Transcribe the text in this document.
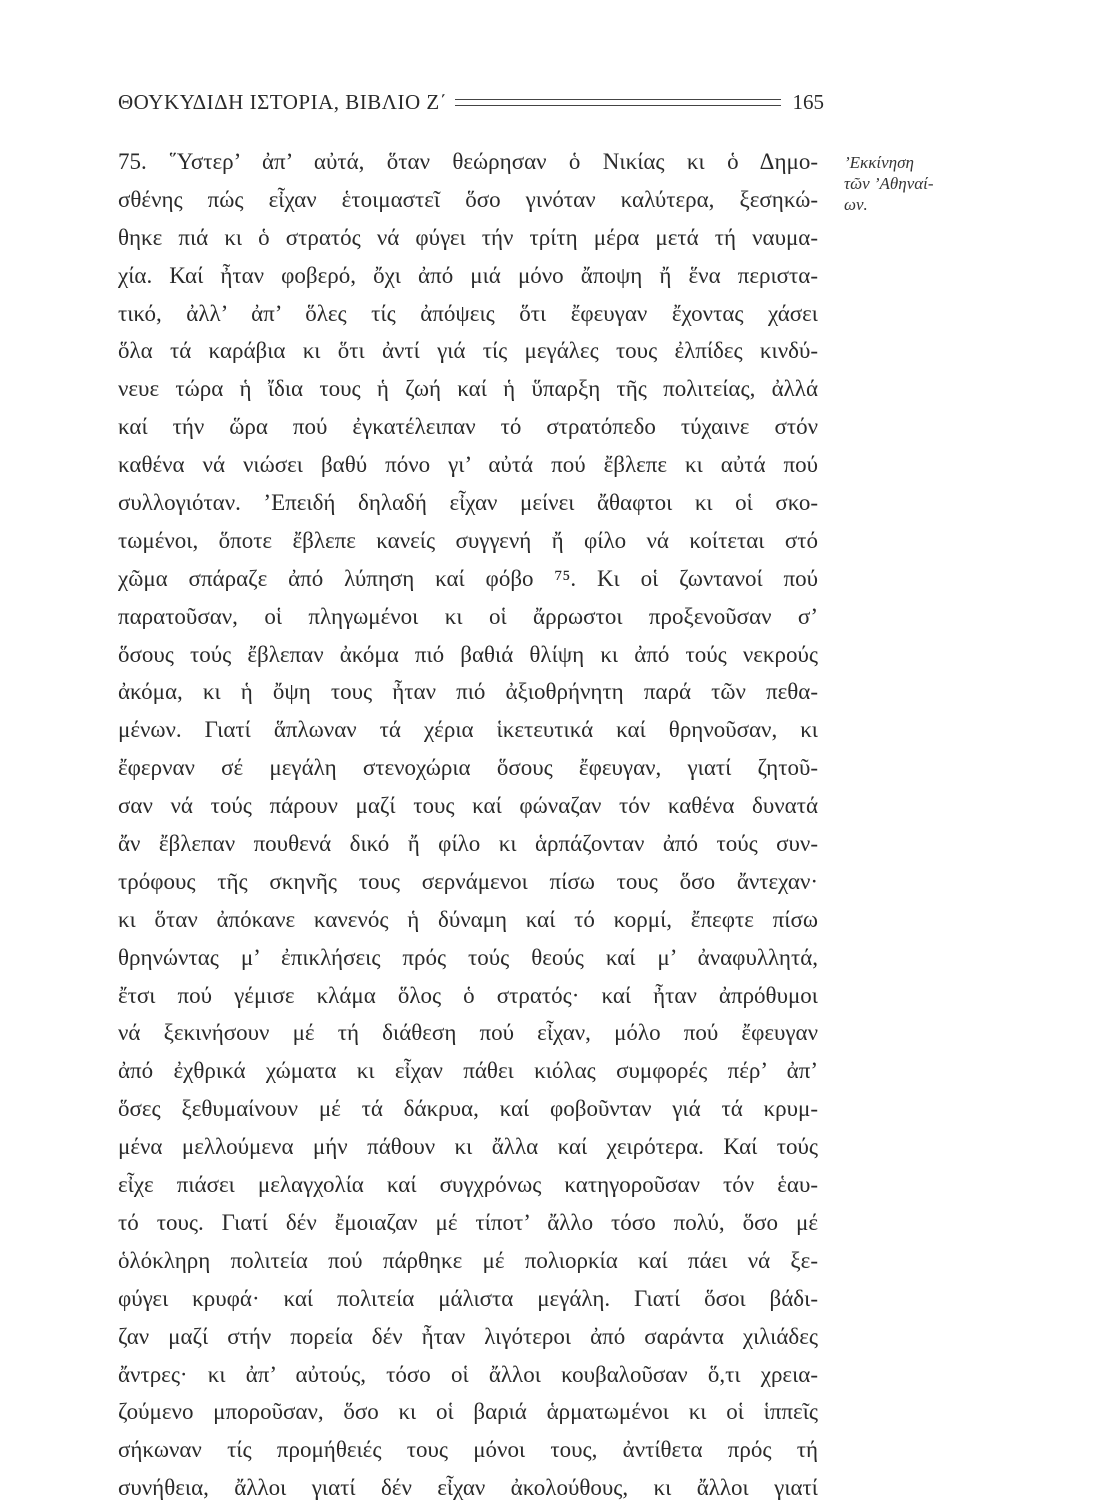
ΘΟΥΚΥΔΙΔΗ ΙΣΤΟΡΙΑ, ΒΙΒΛΙΟ Ζ΄	165
’Εκκίνηση
τῶν ’Αθηναί-
ων.
75. ῞Υστερ’ ἀπ’ αὐτά, ὅταν θεώρησαν ὁ Νικίας κι ὁ Δημο-
σθένης πώς εἶχαν ἑτοιμαστεῖ ὅσο γινόταν καλύτερα, ξεσηκώ-
θηκε πιά κι ὁ στρατός νά φύγει τήν τρίτη μέρα μετά τή ναυμα-
χία. Καί ἦταν φοβερό, ὄχι ἀπό μιά μόνο ἄποψη ἤ ἕνα περιστα-
τικό, ἀλλ’ ἀπ’ ὅλες τίς ἀπόψεις ὅτι ἔφευγαν ἔχοντας χάσει
ὅλα τά καράβια κι ὅτι ἀντί γιά τίς μεγάλες τους ἐλπίδες κινδύ-
νευε τώρα ἡ ἴδια τους ἡ ζωή καί ἡ ὕπαρξη τῆς πολιτείας, ἀλλά
καί τήν ὥρα πού ἐγκατέλειπαν τό στρατόπεδο τύχαινε στόν
καθένα νά νιώσει βαθύ πόνο γι’ αὐτά πού ἔβλεπε κι αὐτά πού
συλλογιόταν. ’Επειδή δηλαδή εἶχαν μείνει ἄθαφτοι κι οἱ σκο-
τωμένοι, ὅποτε ἔβλεπε κανείς συγγενή ἤ φίλο νά κοίτεται στό
χῶμα σπάραζε ἀπό λύπηση καί φόβο ⁷⁵. Κι οἱ ζωντανοί πού
παρατοῦσαν, οἱ πληγωμένοι κι οἱ ἄρρωστοι προξενοῦσαν σ’
ὅσους τούς ἔβλεπαν ἀκόμα πιό βαθιά θλίψη κι ἀπό τούς νεκρούς
ἀκόμα, κι ἡ ὄψη τους ἦταν πιό ἀξιοθρήνητη παρά τῶν πεθα-
μένων. Γιατί ἅπλωναν τά χέρια ἱκετευτικά καί θρηνοῦσαν, κι
ἔφερναν σέ μεγάλη στενοχώρια ὅσους ἔφευγαν, γιατί ζητοῦ-
σαν νά τούς πάρουν μαζί τους καί φώναζαν τόν καθένα δυνατά
ἄν ἔβλεπαν πουθενά δικό ἤ φίλο κι ἁρπάζονταν ἀπό τούς συν-
τρόφους τῆς σκηνῆς τους σερνάμενοι πίσω τους ὅσο ἄντεχαν·
κι ὅταν ἀπόκανε κανενός ἡ δύναμη καί τό κορμί, ἔπεφτε πίσω
θρηνώντας μ’ ἐπικλήσεις πρός τούς θεούς καί μ’ ἀναφυλλητά,
ἔτσι πού γέμισε κλάμα ὅλος ὁ στρατός· καί ἦταν ἀπρόθυμοι
νά ξεκινήσουν μέ τή διάθεση πού εἶχαν, μόλο πού ἔφευγαν
ἀπό ἐχθρικά χώματα κι εἶχαν πάθει κιόλας συμφορές πέρ’ ἀπ’
ὅσες ξεθυμαίνουν μέ τά δάκρυα, καί φοβοῦνταν γιά τά κρυμ-
μένα μελλούμενα μήν πάθουν κι ἄλλα καί χειρότερα. Καί τούς
εἶχε πιάσει μελαγχολία καί συγχρόνως κατηγοροῦσαν τόν ἑαυ-
τό τους. Γιατί δέν ἔμοιαζαν μέ τίποτ’ ἄλλο τόσο πολύ, ὅσο μέ
ὁλόκληρη πολιτεία πού πάρθηκε μέ πολιορκία καί πάει νά ξε-
φύγει κρυφά· καί πολιτεία μάλιστα μεγάλη. Γιατί ὅσοι βάδι-
ζαν μαζί στήν πορεία δέν ἦταν λιγότεροι ἀπό σαράντα χιλιάδες
ἄντρες· κι ἀπ’ αὐτούς, τόσο οἱ ἄλλοι κουβαλοῦσαν ὅ,τι χρεια-
ζούμενο μποροῦσαν, ὅσο κι οἱ βαριά ἁρματωμένοι κι οἱ ἱππεῖς
σήκωναν τίς προμήθειές τους μόνοι τους, ἀντίθετα πρός τή
συνήθεια, ἄλλοι γιατί δέν εἶχαν ἀκολούθους, κι ἄλλοι γιατί
